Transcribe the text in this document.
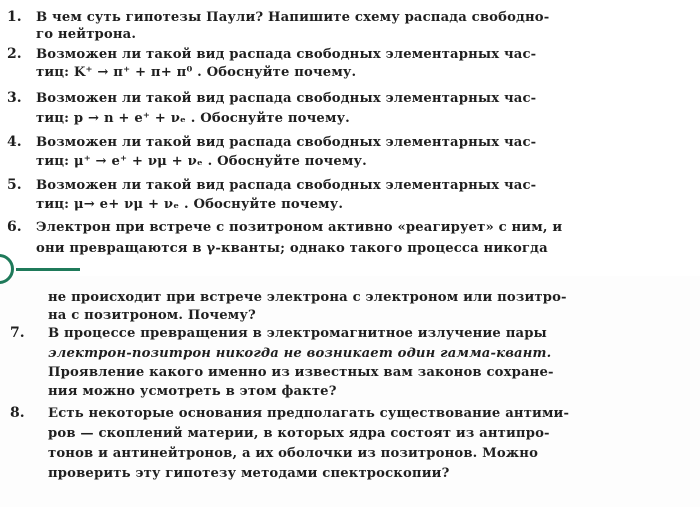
1. В чем суть гипотезы Паули? Напишите схему распада свободно-
го нейтрона.
2. Возможен ли такой вид распада свободных элементарных час-
тиц: K⁺ → π⁺ + π+ π⁰ . Обоснуйте почему.
3. Возможен ли такой вид распада свободных элементарных час-
тиц: p → n + e⁺ + νₑ . Обоснуйте почему.
4. Возможен ли такой вид распада свободных элементарных час-
тиц: μ⁺ → e⁺ + νμ + νₑ . Обоснуйте почему.
5. Возможен ли такой вид распада свободных элементарных час-
тиц: μ→ e+ νμ + νₑ . Обоснуйте почему.
6. Электрон при встрече с позитроном активно «реагирует» с ним, и
они превращаются в γ-кванты; однако такого процесса никогда
не происходит при встрече электрона с электроном или позитро-
на с позитроном. Почему?
7. В процессе превращения в электромагнитное излучение пары
электрон-позитрон никогда не возникает один гамма-квант.
Проявление какого именно из известных вам законов сохране-
ния можно усмотреть в этом факте?
8. Есть некоторые основания предполагать существование антими-
ров — скоплений материи, в которых ядра состоят из антипро-
тонов и антинейтронов, а их оболочки из позитронов. Можно
проверить эту гипотезу методами спектроскопии?
